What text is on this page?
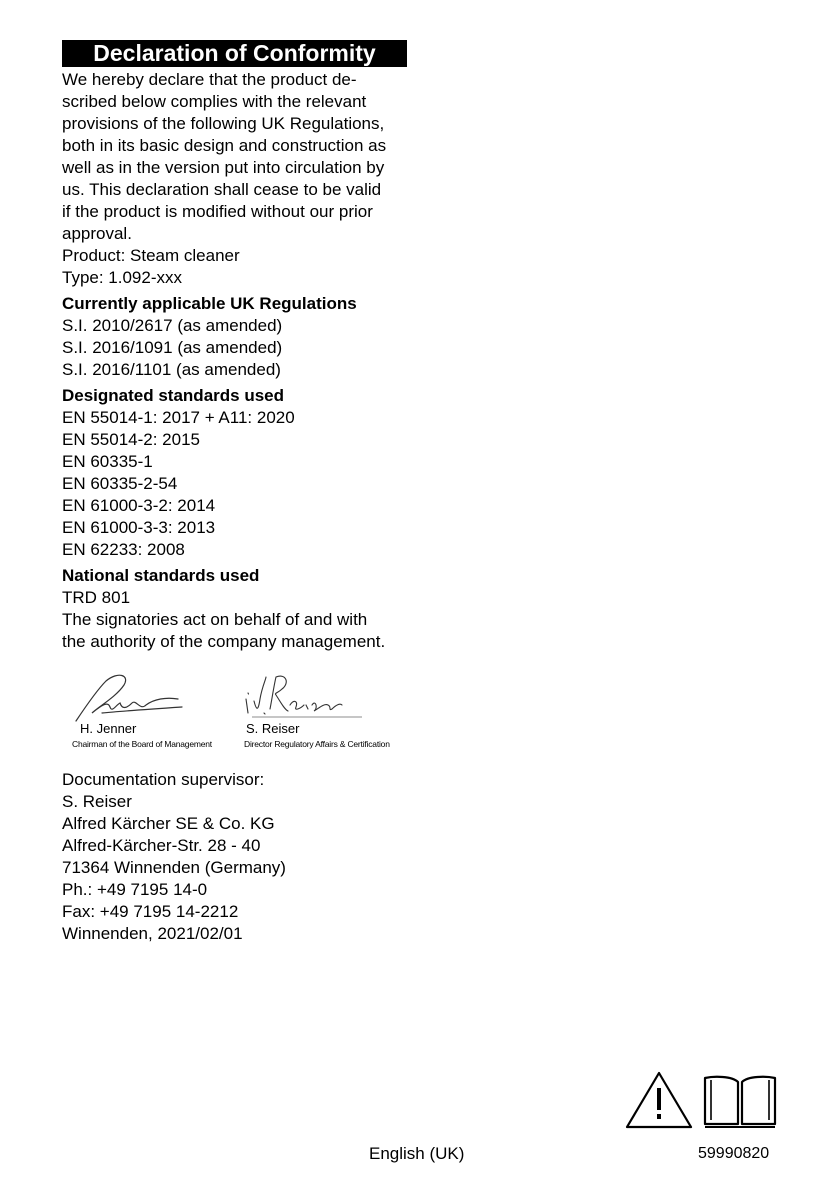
Declaration of Conformity
We hereby declare that the product de-
scribed below complies with the relevant
provisions of the following UK Regulations,
both in its basic design and construction as
well as in the version put into circulation by
us. This declaration shall cease to be valid
if the product is modified without our prior
approval.
Product: Steam cleaner
Type: 1.092-xxx
Currently applicable UK Regulations
S.I. 2010/2617 (as amended)
S.I. 2016/1091 (as amended)
S.I. 2016/1101 (as amended)
Designated standards used
EN 55014-1: 2017 + A11: 2020
EN 55014-2: 2015
EN 60335-1
EN 60335-2-54
EN 61000-3-2: 2014
EN 61000-3-3: 2013
EN 62233: 2008
National standards used
TRD 801
The signatories act on behalf of and with
the authority of the company management.
H. Jenner
Chairman of the Board of Management
S. Reiser
Director Regulatory Affairs & Certification
Documentation supervisor:
S. Reiser
Alfred Kärcher SE & Co. KG
Alfred-Kärcher-Str. 28 - 40
71364 Winnenden (Germany)
Ph.: +49 7195 14-0
Fax: +49 7195 14-2212
Winnenden, 2021/02/01
English (UK)	59990820
